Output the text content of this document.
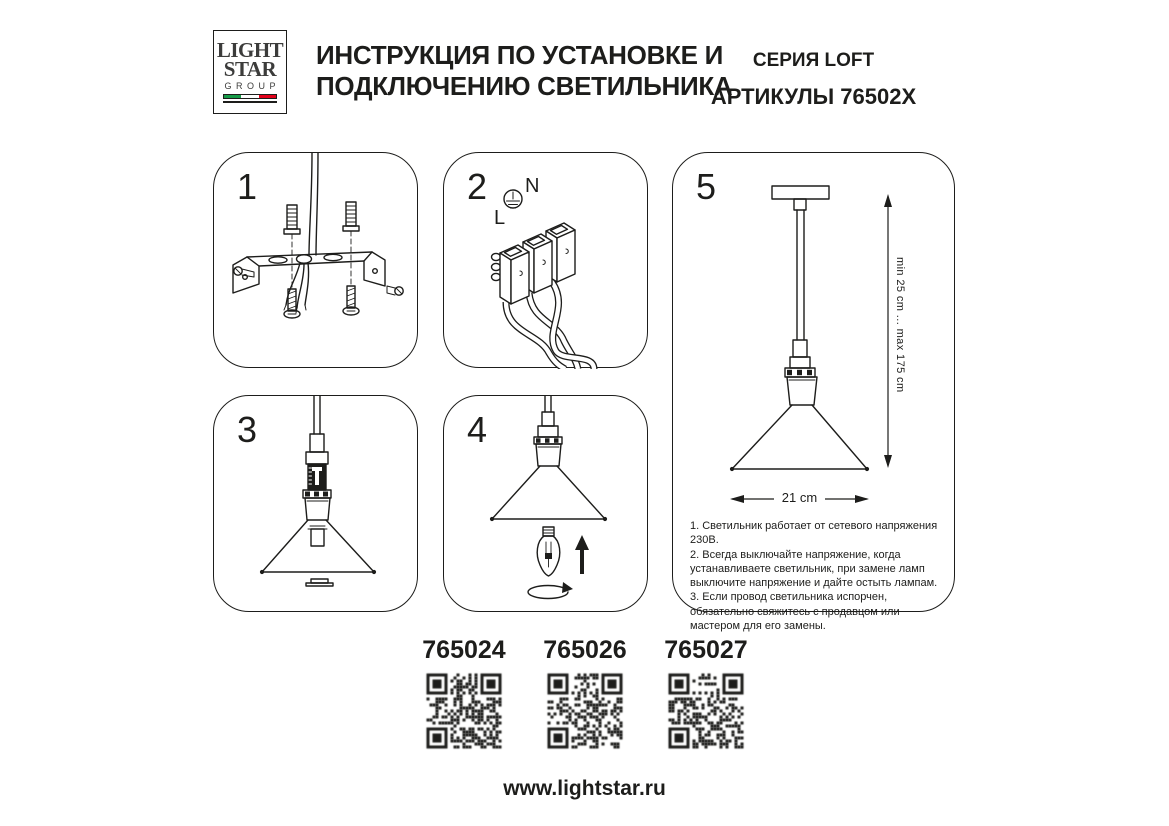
LIGHT
STAR
GROUP
ИНСТРУКЦИЯ ПО УСТАНОВКЕ И
ПОДКЛЮЧЕНИЮ СВЕТИЛЬНИКА
СЕРИЯ LOFT
АРТИКУЛЫ 76502X
1
L
N
2
3	4
min 25 cm ... max 175 cm
21 cm

1. Светильник работает от сетевого напряжения 230В.

2. Всегда выключайте напряжение, когда устанавливаете светильник, при замене ламп выключите напряжение и дайте остыть лампам.

3. Если провод светильника испорчен, обязательно свяжитесь с продавцом или мастером для его замены.

5
765024	765026	765027
www.lightstar.ru
